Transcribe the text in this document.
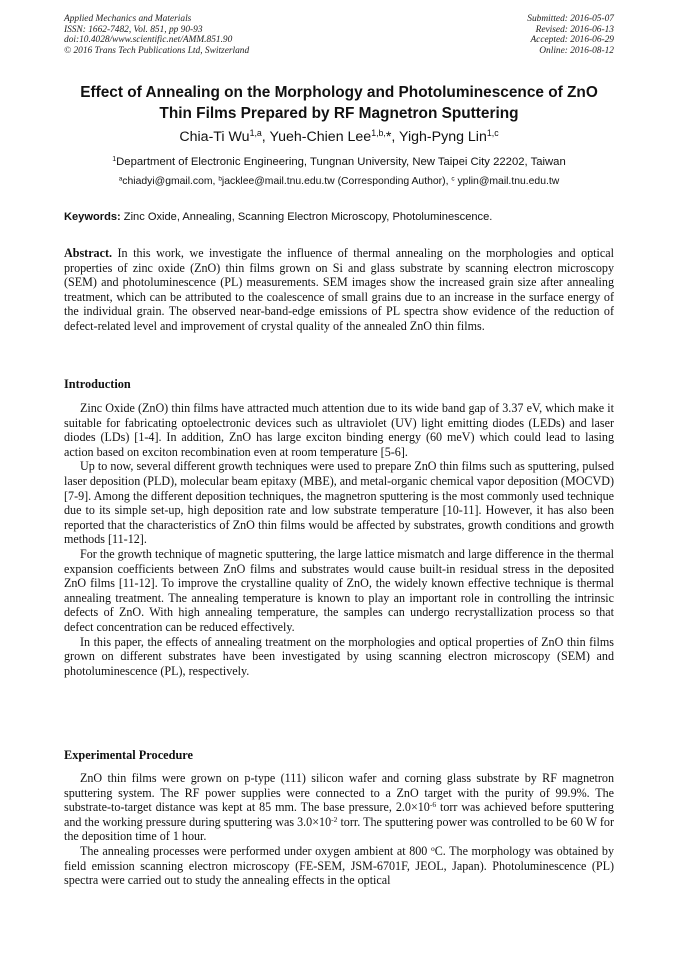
Applied Mechanics and Materials
ISSN: 1662-7482, Vol. 851, pp 90-93
doi:10.4028/www.scientific.net/AMM.851.90
© 2016 Trans Tech Publications Ltd, Switzerland
Submitted: 2016-05-07
Revised: 2016-06-13
Accepted: 2016-06-29
Online: 2016-08-12
Effect of Annealing on the Morphology and Photoluminescence of ZnO
Thin Films Prepared by RF Magnetron Sputtering
Chia-Ti Wu$^{1,a}$, Yueh-Chien Lee$^{1,b,}$*, Yigh-Pyng Lin$^{1,c}$
$^1$Department of Electronic Engineering, Tungnan University, New Taipei City 22202, Taiwan
$^a$chiadyi@gmail.com, $^b$jacklee@mail.tnu.edu.tw (Corresponding Author), $^c$ yplin@mail.tnu.edu.tw
Keywords: Zinc Oxide, Annealing, Scanning Electron Microscopy, Photoluminescence.
Abstract. In this work, we investigate the influence of thermal annealing on the morphologies and optical properties of zinc oxide (ZnO) thin films grown on Si and glass substrate by scanning electron microscopy (SEM) and photoluminescence (PL) measurements. SEM images show the increased grain size after annealing treatment, which can be attributed to the coalescence of small grains due to an increase in the surface energy of the individual grain. The observed near-band-edge emissions of PL spectra show evidence of the reduction of defect-related level and improvement of crystal quality of the annealed ZnO thin films.
Introduction

Zinc Oxide (ZnO) thin films have attracted much attention due to its wide band gap of 3.37 eV, which make it suitable for fabricating optoelectronic devices such as ultraviolet (UV) light emitting diodes (LEDs) and laser diodes (LDs) [1-4]. In addition, ZnO has large exciton binding energy (60 meV) which could lead to lasing action based on exciton recombination even at room temperature [5-6].

Up to now, several different growth techniques were used to prepare ZnO thin films such as sputtering, pulsed laser deposition (PLD), molecular beam epitaxy (MBE), and metal-organic chemical vapor deposition (MOCVD) [7-9]. Among the different deposition techniques, the magnetron sputtering is the most commonly used technique due to its simple set-up, high deposition rate and low substrate temperature [10-11]. However, it has also been reported that the characteristics of ZnO thin films would be affected by substrates, growth conditions and growth methods [11-12].

For the growth technique of magnetic sputtering, the large lattice mismatch and large difference in the thermal expansion coefficients between ZnO films and substrates would cause built-in residual stress in the deposited ZnO films [11-12]. To improve the crystalline quality of ZnO, the widely known effective technique is thermal annealing treatment. The annealing temperature is known to play an important role in controlling the intrinsic defects of ZnO. With high annealing temperature, the samples can undergo recrystallization process so that defect concentration can be reduced effectively.

In this paper, the effects of annealing treatment on the morphologies and optical properties of ZnO thin films grown on different substrates have been investigated by using scanning electron microscopy (SEM) and photoluminescence (PL), respectively.

Experimental Procedure

ZnO thin films were grown on p-type (111) silicon wafer and corning glass substrate by RF magnetron sputtering system. The RF power supplies were connected to a ZnO target with the purity of 99.9%. The substrate-to-target distance was kept at 85 mm. The base pressure, $2.0\times 10^{-6}$ torr was achieved before sputtering and the working pressure during sputtering was $3.0\times 10^{-2}$ torr. The sputtering power was controlled to be 60 W for the deposition time of 1 hour.

The annealing processes were performed under oxygen ambient at 800 $^o$C. The morphology was obtained by field emission scanning electron microscopy (FE-SEM, JSM-6701F, JEOL, Japan). Photoluminescence (PL) spectra were carried out to study the annealing effects in the optical
